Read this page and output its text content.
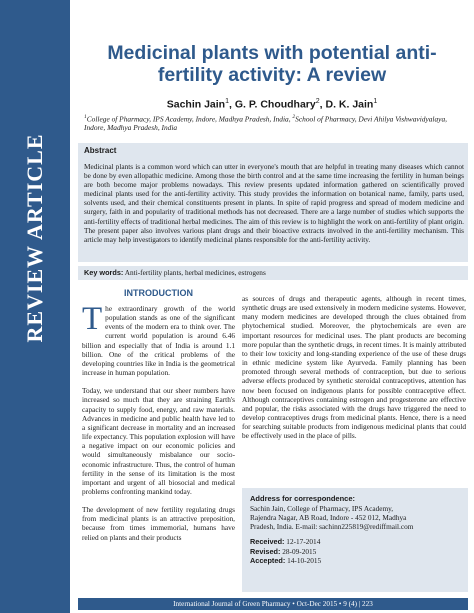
REVIEW ARTICLE
Medicinal plants with potential anti-fertility activity: A review
Sachin Jain$^1$, G. P. Choudhary$^2$, D. K. Jain$^1$
$^1$College of Pharmacy, IPS Academy, Indore, Madhya Pradesh, India, $^2$School of Pharmacy, Devi Ahilya Vishwavidyalaya, Indore, Madhya Pradesh, India
Abstract

Medicinal plants is a common word which can utter in everyone's mouth that are helpful in treating many diseases which cannot be done by even allopathic medicine. Among those the birth control and at the same time increasing the fertility in human beings are both become major problems nowadays. This review presents updated information gathered on scientifically proved medicinal plants used for the anti-fertility activity. This study provides the information on botanical name, family, parts used, solvents used, and their chemical constituents present in plants. In spite of rapid progress and spread of modern medicine and surgery, faith in and popularity of traditional methods has not decreased. There are a large number of studies which supports the anti-fertility effects of traditional herbal medicines. The aim of this review is to highlight the work on anti-fertility of plant origin. The present paper also involves various plant drugs and their bioactive extracts involved in the anti-fertility mechanism. This article may help investigators to identify medicinal plants responsible for the anti-fertility activity.

Key words: Anti-fertility plants, herbal medicines, estrogens
INTRODUCTION

The extraordinary growth of the world population stands as one of the significant events of the modern era to think over. The current world population is around 6.46 billion and especially that of India is around 1.1 billion. One of the critical problems of the developing countries like in India is the geometrical increase in human population.

Today, we understand that our sheer numbers have increased so much that they are straining Earth's capacity to supply food, energy, and raw materials. Advances in medicine and public health have led to a significant decrease in mortality and an increased life expectancy. This population explosion will have a negative impact on our economic policies and would simultaneously misbalance our socio-economic infrastructure. Thus, the control of human fertility in the sense of its limitation is the most important and urgent of all biosocial and medical problems confronting mankind today.

The development of new fertility regulating drugs from medicinal plants is an attractive preposition, because from times immemorial, humans have relied on plants and their products

as sources of drugs and therapeutic agents, although in recent times, synthetic drugs are used extensively in modern medicine systems. However, many modern medicines are developed through the clues obtained from phytochemical studied. Moreover, the phytochemicals are even are important resources for medicinal uses. The plant products are becoming more popular than the synthetic drugs, in recent times. It is mainly attributed to their low toxicity and long-standing experience of the use of these drugs in ethnic medicine system like Ayurveda. Family planning has been promoted through several methods of contraception, but due to serious adverse effects produced by synthetic steroidal contraceptives, attention has now been focused on indigenous plants for possible contraceptive effect. Although contraceptives containing estrogen and progesterone are effective and popular, the risks associated with the drugs have triggered the need to develop contraceptives drugs from medicinal plants. Hence, there is a need for searching suitable products from indigenous medicinal plants that could be effectively used in the place of pills.

Address for correspondence:
Sachin Jain, College of Pharmacy, IPS Academy,
Rajendra Nagar, AB Road, Indore - 452 012, Madhya
Pradesh, India. E-mail: sachinn225819@rediffmail.com
Received: 12-17-2014
Revised: 28-09-2015
Accepted: 14-10-2015
International Journal of Green Pharmacy • Oct-Dec 2015 • 9 (4) | 223
